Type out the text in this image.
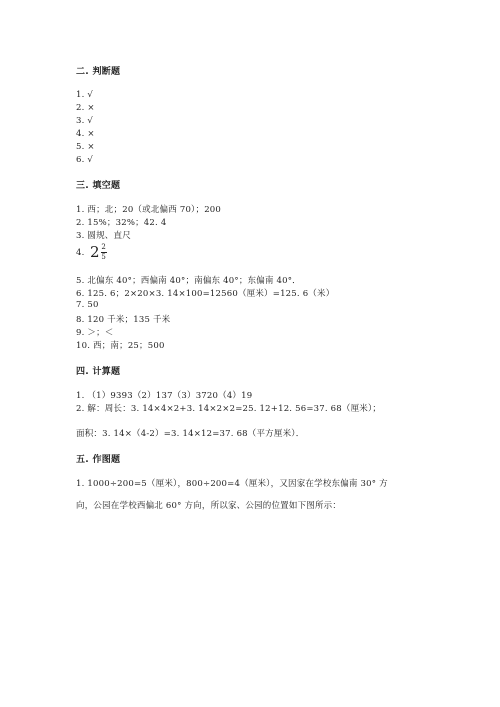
二. 判断题
1. √
2. ×
3. √
4. ×
5. ×
6. √
三. 填空题
1. 西；北；20（或北偏西 70）；200
2. 15%；32%；42. 4
3. 圆规、直尺
4. 2 2
5
5. 北偏东 40°；西偏南 40°；南偏东 40°；东偏南 40°．
6. 125. 6；2×20×3. 14×100=12560（厘米）=125. 6（米）
7. 50
8. 120 千米；135 千米
9. ＞；＜
10. 西；南；25；500
四. 计算题
1. （1）9393（2）137（3）3720（4）19
2. 解：周长：3. 14×4×2+3. 14×2×2=25. 12+12. 56=37. 68（厘米）；
面积：3. 14×（4-2）=3. 14×12=37. 68（平方厘米）．
五. 作图题
1. 1000÷200=5（厘米），800÷200=4（厘米），又因家在学校东偏南 30° 方
向，公园在学校西偏北 60° 方向，所以家、公园的位置如下图所示：
